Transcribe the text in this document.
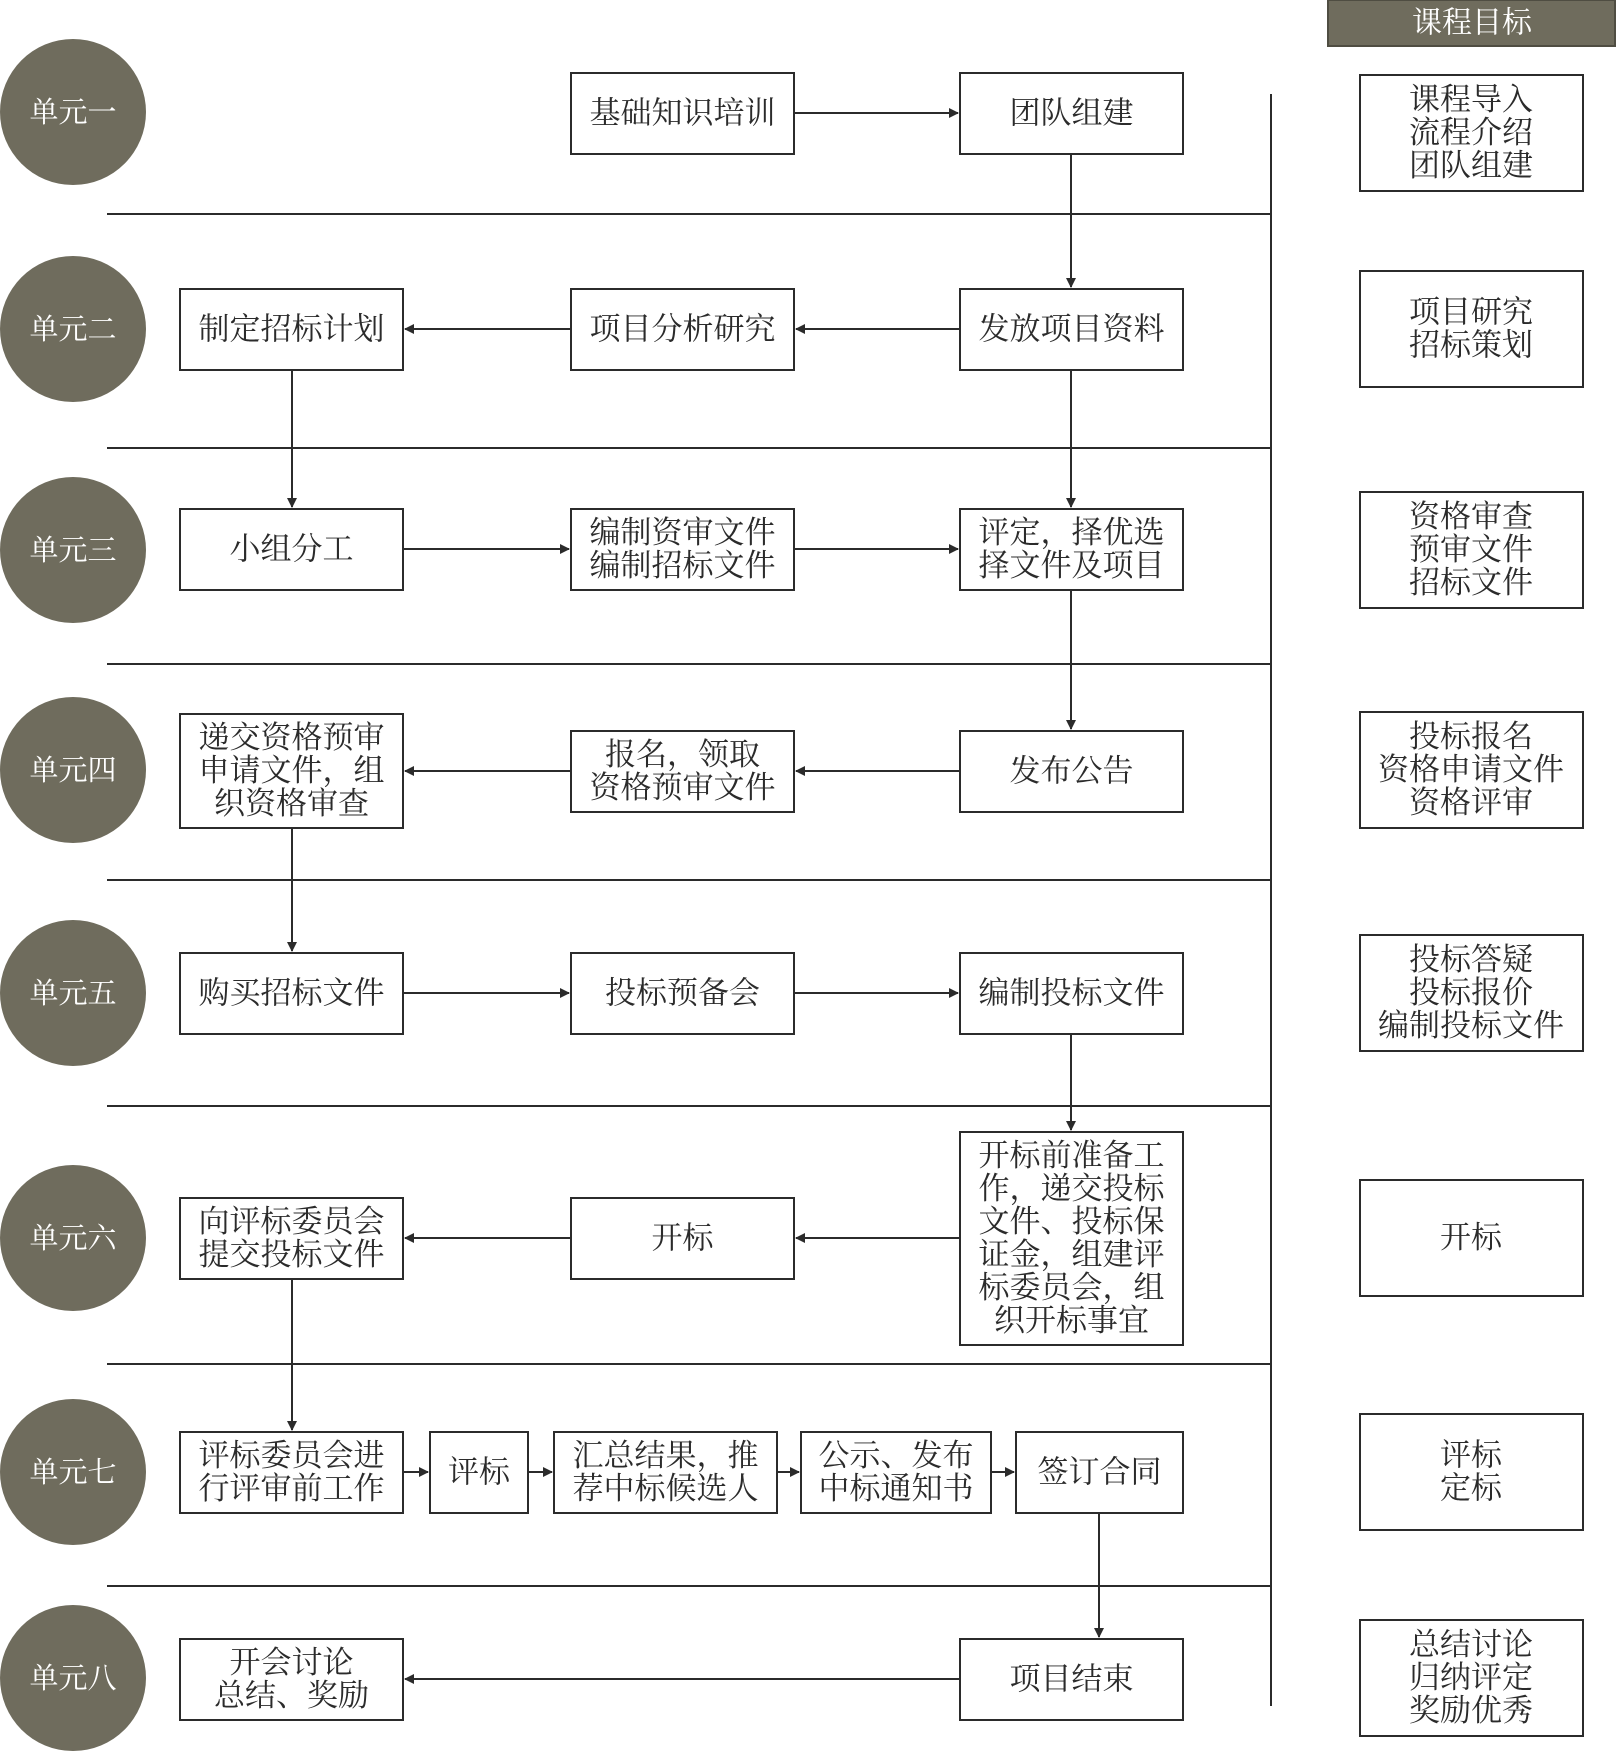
课程目标
单元一
单元二
单元三
单元四
单元五
单元六
单元七
单元八
基础知识培训	团队组建
制定招标计划	项目分析研究	发放项目资料
小组分工	编制资审文件
编制招标文件
评定，择优选
择文件及项目
递交资格预审
申请文件，组
织资格审查
报名，领取
资格预审文件	发布公告
购买招标文件	投标预备会	编制投标文件
向评标委员会
提交投标文件	开标
开标前准备工
作，递交投标
文件、投标保
证金，组建评
标委员会，组
织开标事宜
评标委员会进
行评审前工作 评标 汇总结果，推
荐中标候选人
公示、发布
中标通知书 签订合同
开会讨论
总结、奖励	项目结束
课程导入
流程介绍
团队组建
项目研究
招标策划
资格审查
预审文件
招标文件
投标报名
资格申请文件
资格评审
投标答疑
投标报价
编制投标文件
开标
评标
定标
总结讨论
归纳评定
奖励优秀
